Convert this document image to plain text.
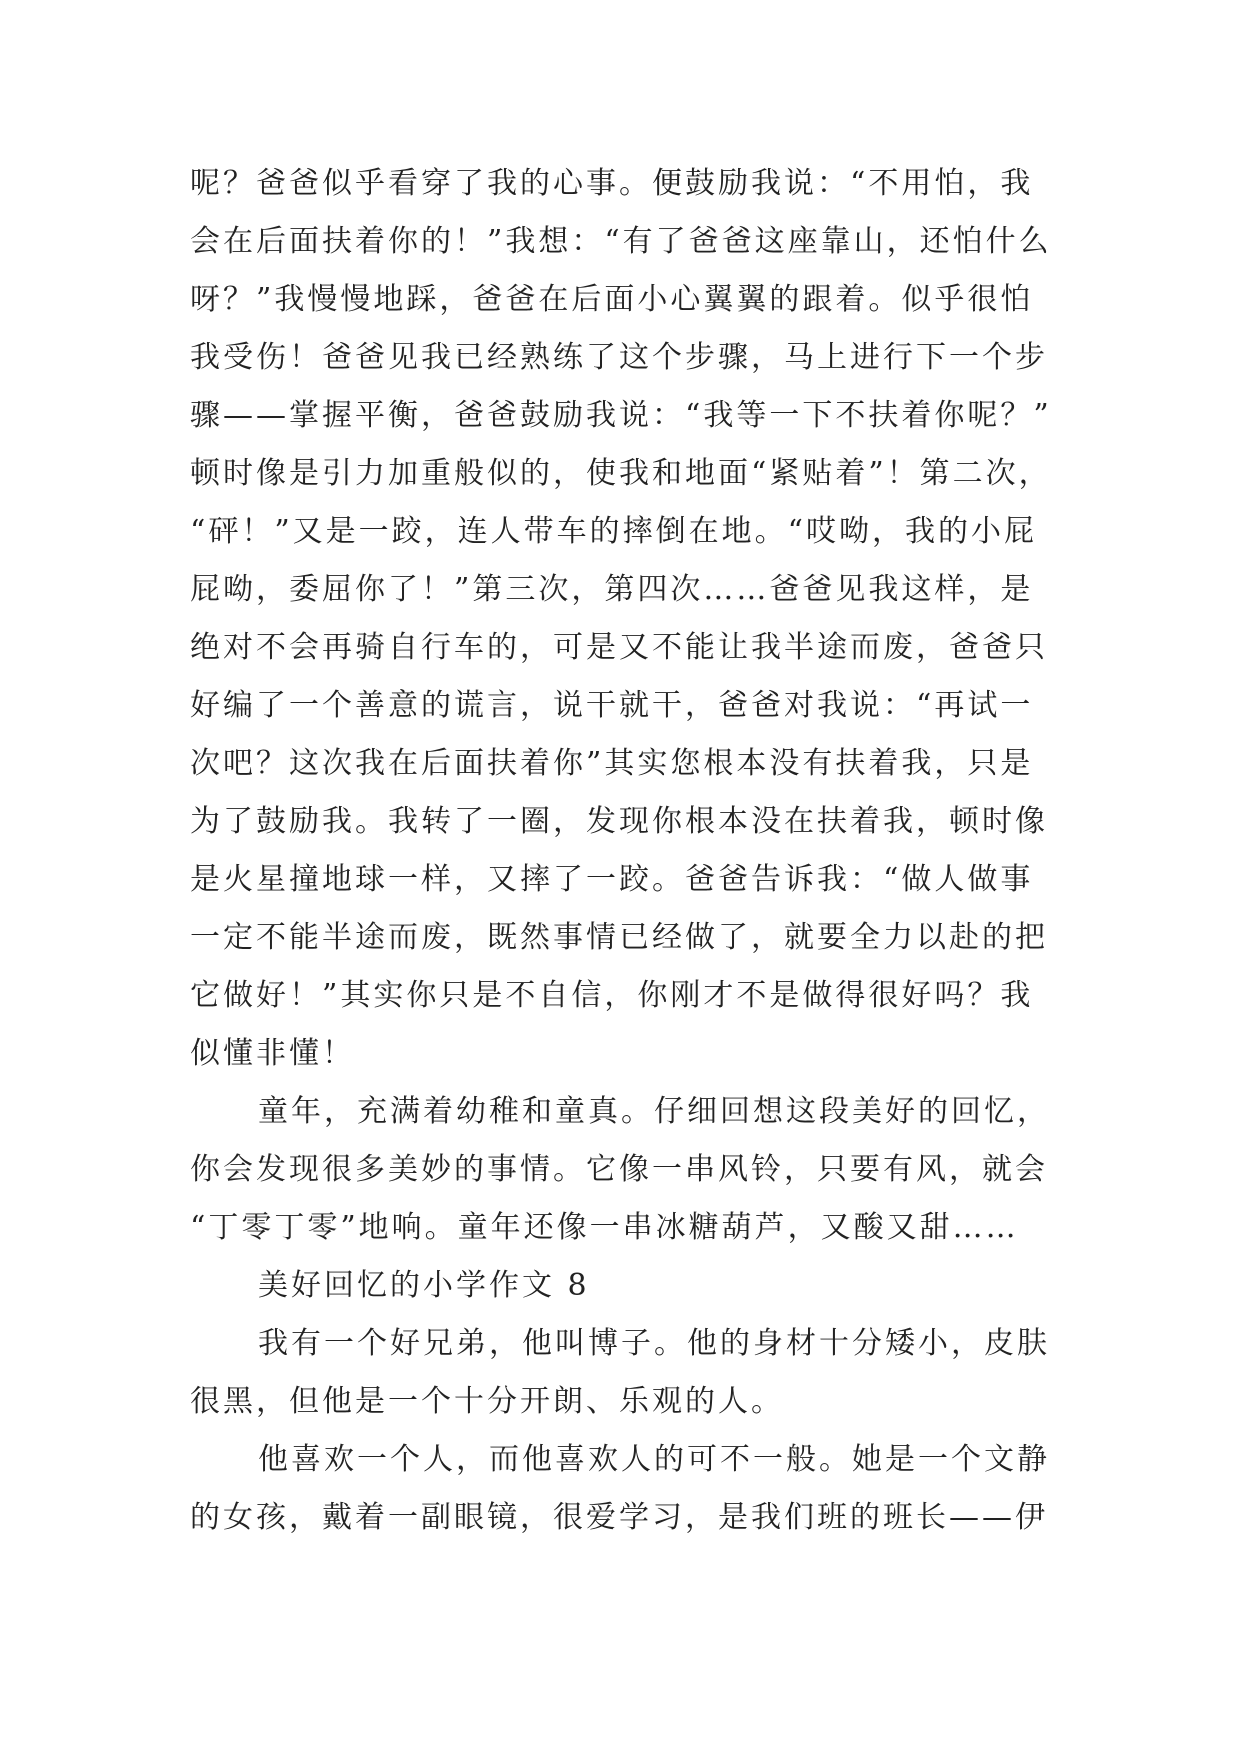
呢？爸爸似乎看穿了我的心事。便鼓励我说：“不用怕，我
会在后面扶着你的！”我想：“有了爸爸这座靠山，还怕什么
呀？”我慢慢地踩，爸爸在后面小心翼翼的跟着。似乎很怕
我受伤！爸爸见我已经熟练了这个步骤，马上进行下一个步
骤——掌握平衡，爸爸鼓励我说：“我等一下不扶着你呢？”
顿时像是引力加重般似的，使我和地面“紧贴着”！第二次，
“砰！”又是一跤，连人带车的摔倒在地。“哎呦，我的小屁
屁呦，委屈你了！”第三次，第四次……爸爸见我这样，是
绝对不会再骑自行车的，可是又不能让我半途而废，爸爸只
好编了一个善意的谎言，说干就干，爸爸对我说：“再试一
次吧？这次我在后面扶着你”其实您根本没有扶着我，只是
为了鼓励我。我转了一圈，发现你根本没在扶着我，顿时像
是火星撞地球一样，又摔了一跤。爸爸告诉我：“做人做事
一定不能半途而废，既然事情已经做了，就要全力以赴的把
它做好！”其实你只是不自信，你刚才不是做得很好吗？我
似懂非懂！
童年，充满着幼稚和童真。仔细回想这段美好的回忆，
你会发现很多美妙的事情。它像一串风铃，只要有风，就会
“丁零丁零”地响。童年还像一串冰糖葫芦，又酸又甜……
美好回忆的小学作文 8
我有一个好兄弟，他叫博子。他的身材十分矮小，皮肤
很黑，但他是一个十分开朗、乐观的人。
他喜欢一个人，而他喜欢人的可不一般。她是一个文静
的女孩，戴着一副眼镜，很爱学习，是我们班的班长——伊
